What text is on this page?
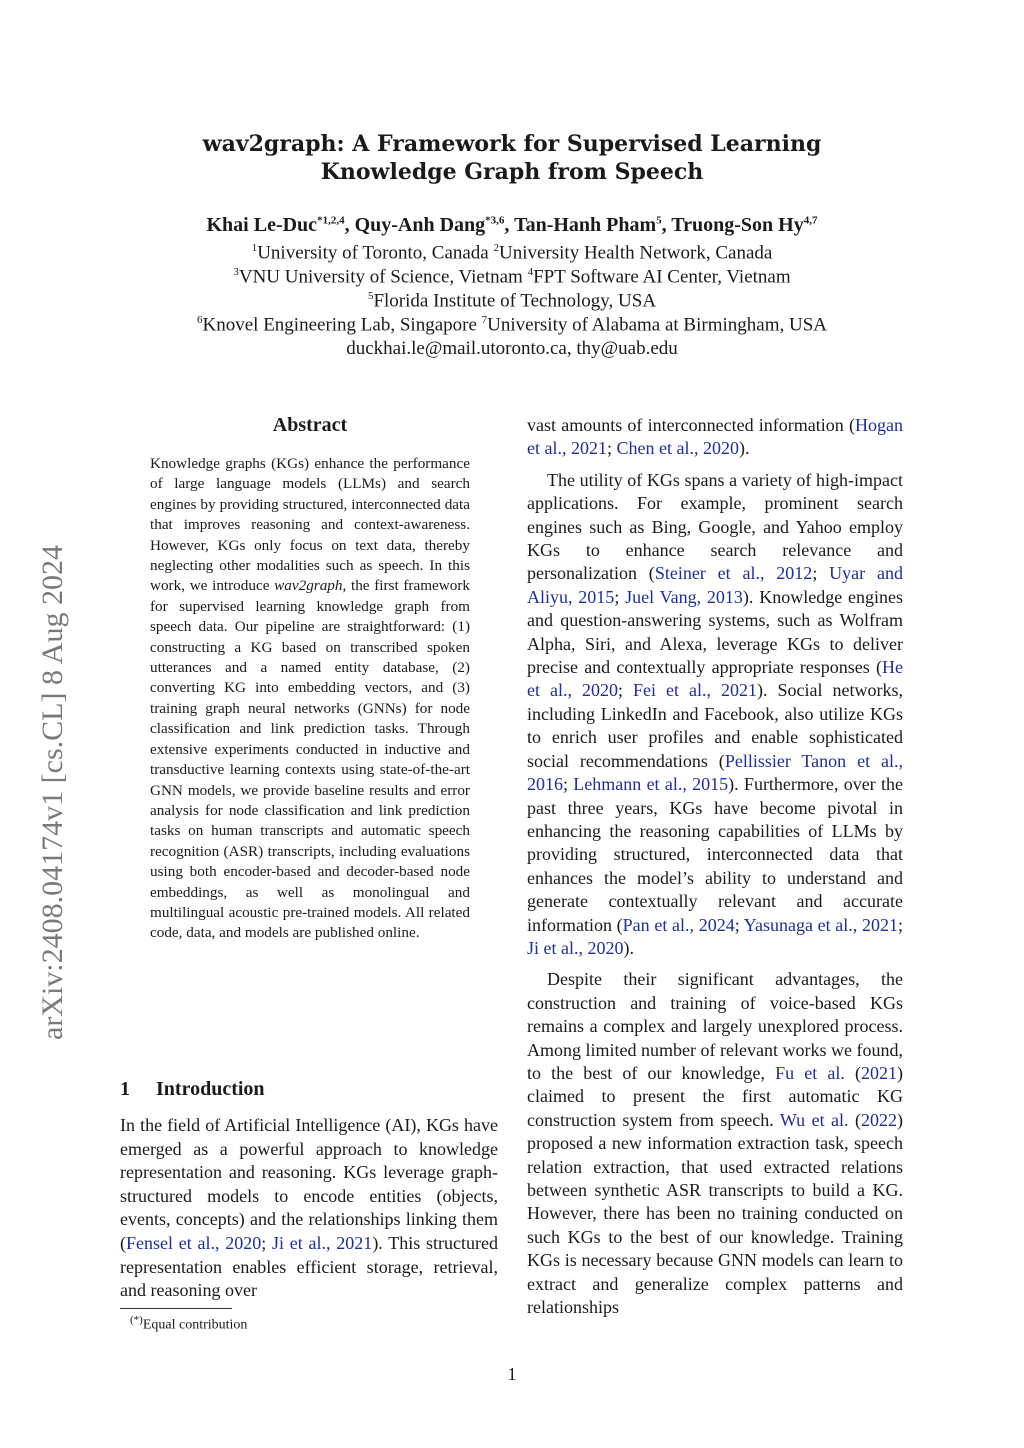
arXiv:2408.04174v1 [cs.CL] 8 Aug 2024
wav2graph: A Framework for Supervised Learning
Knowledge Graph from Speech
Khai Le-Duc$^{*1,2,4}$, Quy-Anh Dang$^{*3,6}$, Tan-Hanh Pham$^5$, Truong-Son Hy$^{4,7}$
$^1$University of Toronto, Canada $^2$University Health Network, Canada
$^3$VNU University of Science, Vietnam $^4$FPT Software AI Center, Vietnam
$^5$Florida Institute of Technology, USA
$^6$Knovel Engineering Lab, Singapore $^7$University of Alabama at Birmingham, USA
duckhai.le@mail.utoronto.ca, thy@uab.edu
Abstract
Knowledge graphs (KGs) enhance the performance of large language models (LLMs) and search engines by providing structured, interconnected data that improves reasoning and context-awareness. However, KGs only focus on text data, thereby neglecting other modalities such as speech. In this work, we introduce wav2graph, the first framework for supervised learning knowledge graph from speech data. Our pipeline are straightforward: (1) constructing a KG based on transcribed spoken utterances and a named entity database, (2) converting KG into embedding vectors, and (3) training graph neural networks (GNNs) for node classification and link prediction tasks. Through extensive experiments conducted in inductive and transductive learning contexts using state-of-the-art GNN models, we provide baseline results and error analysis for node classification and link prediction tasks on human transcripts and automatic speech recognition (ASR) transcripts, including evaluations using both encoder-based and decoder-based node embeddings, as well as monolingual and multilingual acoustic pre-trained models. All related code, data, and models are published online.
1 Introduction
In the field of Artificial Intelligence (AI), KGs have emerged as a powerful approach to knowledge representation and reasoning. KGs leverage graph-structured models to encode entities (objects, events, concepts) and the relationships linking them (Fensel et al., 2020; Ji et al., 2021). This structured representation enables efficient storage, retrieval, and reasoning over
(*)Equal contribution

vast amounts of interconnected information (Hogan et al., 2021; Chen et al., 2020).

The utility of KGs spans a variety of high-impact applications. For example, prominent search engines such as Bing, Google, and Yahoo employ KGs to enhance search relevance and personalization (Steiner et al., 2012; Uyar and Aliyu, 2015; Juel Vang, 2013). Knowledge engines and question-answering systems, such as Wolfram Alpha, Siri, and Alexa, leverage KGs to deliver precise and contextually appropriate responses (He et al., 2020; Fei et al., 2021). Social networks, including LinkedIn and Facebook, also utilize KGs to enrich user profiles and enable sophisticated social recommendations (Pellissier Tanon et al., 2016; Lehmann et al., 2015). Furthermore, over the past three years, KGs have become pivotal in enhancing the reasoning capabilities of LLMs by providing structured, interconnected data that enhances the model’s ability to understand and generate contextually relevant and accurate information (Pan et al., 2024; Yasunaga et al., 2021; Ji et al., 2020).

Despite their significant advantages, the construction and training of voice-based KGs remains a complex and largely unexplored process. Among limited number of relevant works we found, to the best of our knowledge, Fu et al. (2021) claimed to present the first automatic KG construction system from speech. Wu et al. (2022) proposed a new information extraction task, speech relation extraction, that used extracted relations between synthetic ASR transcripts to build a KG. However, there has been no training conducted on such KGs to the best of our knowledge. Training KGs is necessary because GNN models can learn to extract and generalize complex patterns and relationships

1
